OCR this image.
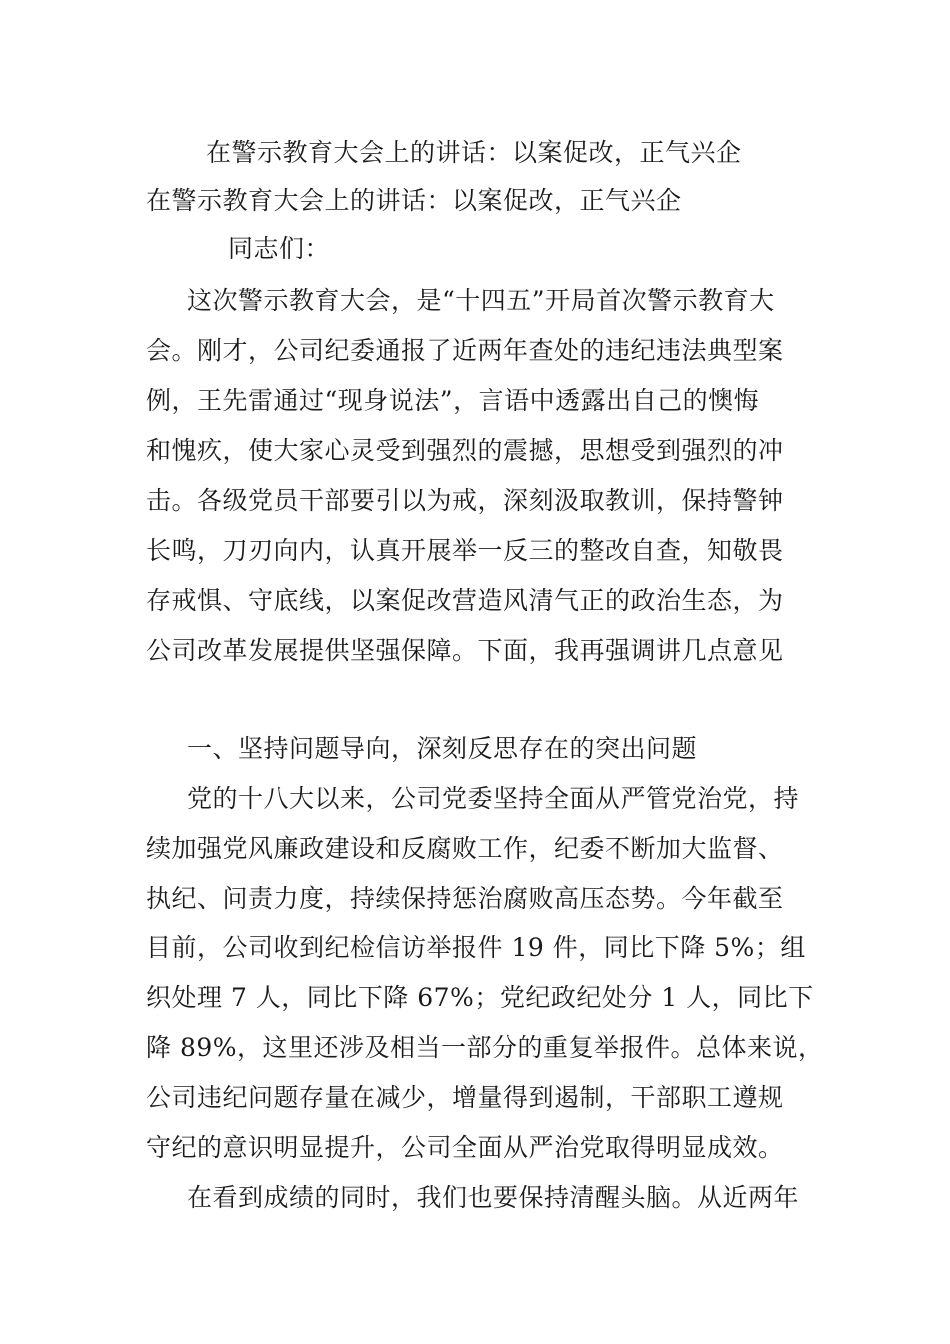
在警示教育大会上的讲话：以案促改，正气兴企
在警示教育大会上的讲话：以案促改，正气兴企
同志们：
这次警示教育大会，是“十四五”开局首次警示教育大
会。刚才，公司纪委通报了近两年查处的违纪违法典型案
例，王先雷通过“现身说法”，言语中透露出自己的懊悔
和愧疚，使大家心灵受到强烈的震撼，思想受到强烈的冲
击。各级党员干部要引以为戒，深刻汲取教训，保持警钟
长鸣，刀刃向内，认真开展举一反三的整改自查，知敬畏
存戒惧、守底线，以案促改营造风清气正的政治生态，为
公司改革发展提供坚强保障。下面，我再强调讲几点意见
一、坚持问题导向，深刻反思存在的突出问题
党的十八大以来，公司党委坚持全面从严管党治党，持
续加强党风廉政建设和反腐败工作，纪委不断加大监督、
执纪、问责力度，持续保持惩治腐败高压态势。今年截至
目前，公司收到纪检信访举报件 19 件，同比下降 5%；组
织处理 7 人，同比下降 67%；党纪政纪处分 1 人，同比下
降 89%，这里还涉及相当一部分的重复举报件。总体来说，
公司违纪问题存量在减少，增量得到遏制，干部职工遵规
守纪的意识明显提升，公司全面从严治党取得明显成效。
在看到成绩的同时，我们也要保持清醒头脑。从近两年
